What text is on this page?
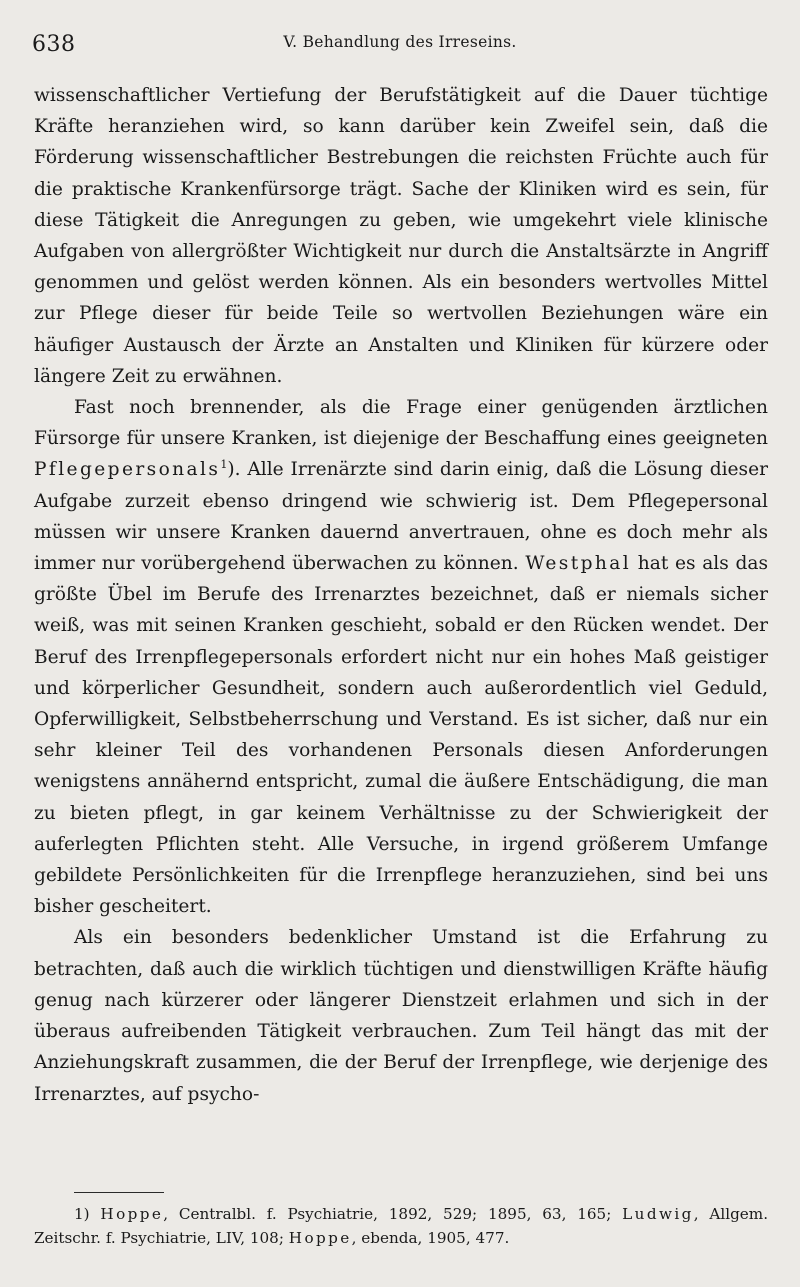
638	V. Behandlung des Irreseins.

wissenschaftlicher Vertiefung der Berufstätigkeit auf die Dauer tüchtige Kräfte heranziehen wird, so kann darüber kein Zweifel sein, daß die Förderung wissenschaftlicher Bestrebungen die reichsten Früchte auch für die praktische Krankenfürsorge trägt. Sache der Kliniken wird es sein, für diese Tätigkeit die Anregungen zu geben, wie umgekehrt viele klinische Aufgaben von allergrößter Wichtigkeit nur durch die Anstaltsärzte in Angriff genommen und gelöst werden können. Als ein besonders wertvolles Mittel zur Pflege dieser für beide Teile so wertvollen Beziehungen wäre ein häufiger Austausch der Ärzte an Anstalten und Kliniken für kürzere oder längere Zeit zu erwähnen.

Fast noch brennender, als die Frage einer genügenden ärztlichen Fürsorge für unsere Kranken, ist diejenige der Beschaffung eines geeigneten Pflegepersonals$^1$). Alle Irrenärzte sind darin einig, daß die Lösung dieser Aufgabe zurzeit ebenso dringend wie schwierig ist. Dem Pflegepersonal müssen wir unsere Kranken dauernd anvertrauen, ohne es doch mehr als immer nur vorübergehend überwachen zu können. Westphal hat es als das größte Übel im Berufe des Irrenarztes bezeichnet, daß er niemals sicher weiß, was mit seinen Kranken geschieht, sobald er den Rücken wendet. Der Beruf des Irrenpflegepersonals erfordert nicht nur ein hohes Maß geistiger und körperlicher Gesundheit, sondern auch außerordentlich viel Geduld, Opferwilligkeit, Selbstbeherrschung und Verstand. Es ist sicher, daß nur ein sehr kleiner Teil des vorhandenen Personals diesen Anforderungen wenigstens annähernd entspricht, zumal die äußere Entschädigung, die man zu bieten pflegt, in gar keinem Verhältnisse zu der Schwierigkeit der auferlegten Pflichten steht. Alle Versuche, in irgend größerem Umfange gebildete Persönlichkeiten für die Irrenpflege heranzuziehen, sind bei uns bisher gescheitert.

Als ein besonders bedenklicher Umstand ist die Erfahrung zu betrachten, daß auch die wirklich tüchtigen und dienstwilligen Kräfte häufig genug nach kürzerer oder längerer Dienstzeit erlahmen und sich in der überaus aufreibenden Tätigkeit verbrauchen. Zum Teil hängt das mit der Anziehungskraft zusammen, die der Beruf der Irrenpflege, wie derjenige des Irrenarztes, auf psycho-

1) Hoppe, Centralbl. f. Psychiatrie, 1892, 529; 1895, 63, 165; Ludwig, Allgem. Zeitschr. f. Psychiatrie, LIV, 108; Hoppe, ebenda, 1905, 477.
